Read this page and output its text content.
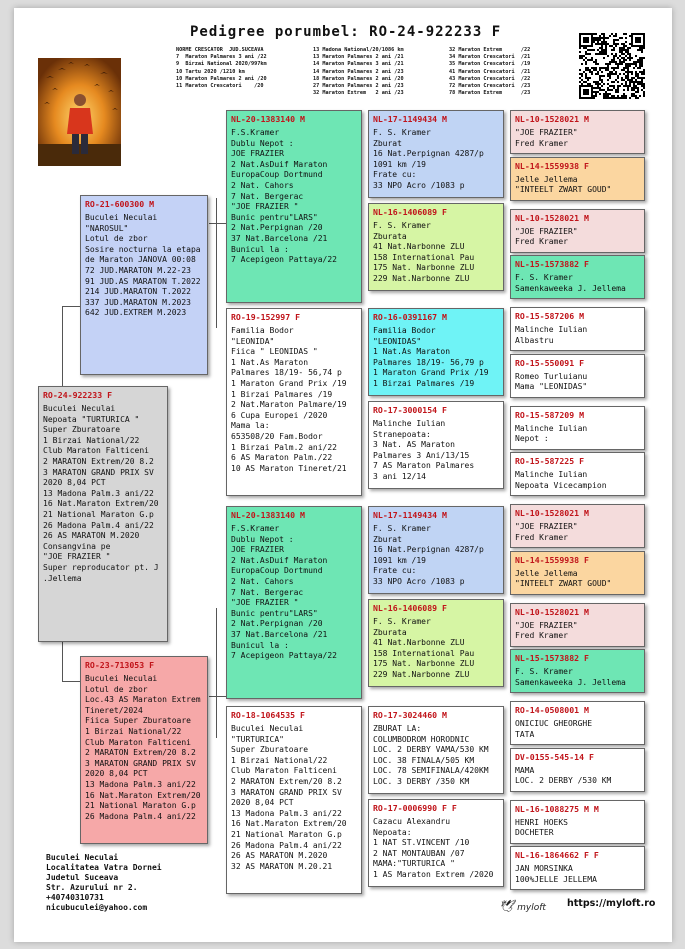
Pedigree porumbel: RO-24-922233 F
NORME CRESCATOR  JUD.SUCEAVA
7  Maraton Palmares 3 ani /22
9  Birzai National 2020/997km
10 Tartu 2020 /1210 km
10 Maraton Palmares 2 ani /20
11 Maraton Crescatori    /20
13 Madona National/20/1086 km
13 Maraton Palmares 2 ani /21
14 Maraton Palmares 3 ani /21
14 Maraton Palmares 2 ani /23
18 Maraton Palmares 2 ani /20
27 Maraton Palmares 2 ani /23
32 Maraton Extrem   2 ani /23
32 Maraton Extrem      /22
34 Maraton Crescatori  /21
35 Maraton Crescatori  /19
41 Maraton Crescatori  /21
43 Maraton Crescatori  /22
72 Maraton Crescatori  /23
78 Maraton Extrem      /23
RO-21-600300 M
Buculei Neculai
"NAROSUL"
Lotul de zbor
Sosire nocturna la etapa
de Maraton JANOVA 00:08
72 JUD.MARATON M.22-23
91 JUD.AS MARATON T.2022
214 JUD.MARATON T.2022
337 JUD.MARATON M.2023
642 JUD.EXTREM M.2023
RO-24-922233 F
Buculei Neculai
Nepoata "TURTURICA "
Super Zburatoare
1 Birzai National/22
Club Maraton Falticeni
2 MARATON Extrem/20 8.2
3 MARATON GRAND PRIX SV
2020 8,04 PCT
13 Madona Palm.3 ani/22
16 Nat.Maraton Extrem/20
21 National Maraton G.p
26 Madona Palm.4 ani/22
26 AS MARATON M.2020
Consangvina pe
"JOE FRAZIER "
Super reproducator pt. J
.Jellema
RO-23-713053 F
Buculei Neculai
Lotul de zbor
Loc.43 AS Maraton Extrem
Tineret/2024
Fiica Super Zburatoare
1 Birzai National/22
Club Maraton Falticeni
2 MARATON Extrem/20 8.2
3 MARATON GRAND PRIX SV
2020 8,04 PCT
13 Madona Palm.3 ani/22
16 Nat.Maraton Extrem/20
21 National Maraton G.p
26 Madona Palm.4 ani/22
NL-20-1383140 M
F.S.Kramer
Dublu Nepot :
JOE FRAZIER
2 Nat.AsDuif Maraton
EuropaCoup Dortmund
2 Nat. Cahors
7 Nat. Bergerac
"JOE FRAZIER "
Bunic pentru"LARS"
2 Nat.Perpignan /20
37 Nat.Barcelona /21
Bunicul la :
7 Acepigeon Pattaya/22
RO-19-152997 F
Familia Bodor
"LEONIDA"
Fiica " LEONIDAS "
1 Nat.As Maraton
Palmares 18/19- 56,74 p
1 Maraton Grand Prix /19
1 Birzai Palmares /19
2 Nat.Maraton Palmare/19
6 Cupa Europei /2020
Mama la:
653508/20 Fam.Bodor
1 Birzai Palm.2 ani/22
6 AS Maraton Palm./22
10 AS Maraton Tineret/21
NL-20-1383140 M
F.S.Kramer
Dublu Nepot :
JOE FRAZIER
2 Nat.AsDuif Maraton
EuropaCoup Dortmund
2 Nat. Cahors
7 Nat. Bergerac
"JOE FRAZIER "
Bunic pentru"LARS"
2 Nat.Perpignan /20
37 Nat.Barcelona /21
Bunicul la :
7 Acepigeon Pattaya/22
RO-18-1064535 F
Buculei Neculai
"TURTURICA"
Super Zburatoare
1 Birzai National/22
Club Maraton Falticeni
2 MARATON Extrem/20 8.2
3 MARATON GRAND PRIX SV
2020 8,04 PCT
13 Madona Palm.3 ani/22
16 Nat.Maraton Extrem/20
21 National Maraton G.p
26 Madona Palm.4 ani/22
26 AS MARATON M.2020
32 AS MARATON M.20.21
NL-17-1149434 M
F. S. Kramer
Zburat
16 Nat.Perpignan 4287/p
1091 km /19
Frate cu:
33 NPO Acro /1083 p
NL-16-1406089 F
F. S. Kramer
Zburata
41 Nat.Narbonne ZLU
158 International Pau
175 Nat. Narbonne ZLU
229 Nat.Narbonne ZLU
RO-16-0391167 M
Familia Bodor
"LEONIDAS"
1 Nat.As Maraton
Palmares 18/19- 56,79 p
1 Maraton Grand Prix /19
1 Birzai Palmares /19
RO-17-3000154 F
Malinche Iulian
Stranepoata:
3 Nat. AS Maraton
Palmares 3 Ani/13/15
7 AS Maraton Palmares
3 ani 12/14
NL-17-1149434 M
F. S. Kramer
Zburat
16 Nat.Perpignan 4287/p
1091 km /19
Frate cu:
33 NPO Acro /1083 p
NL-16-1406089 F
F. S. Kramer
Zburata
41 Nat.Narbonne ZLU
158 International Pau
175 Nat. Narbonne ZLU
229 Nat.Narbonne ZLU
RO-17-3024460 M
ZBURAT LA:
COLUMBODROM HORODNIC
LOC. 2 DERBY VAMA/530 KM
LOC. 38 FINALA/505 KM
LOC. 78 SEMIFINALA/420KM
LOC. 3 DERBY /350 KM
RO-17-0006990 F F
Cazacu Alexandru
Nepoata:
1 NAT ST.VINCENT /10
2 NAT MONTAUBAN /07
MAMA:"TURTURICA "
1 AS Maraton Extrem /2020
NL-10-1528021 M
"JOE FRAZIER"
Fred Kramer
NL-14-1559938 F
Jelle Jellema
"INTEELT ZWART GOUD"
NL-10-1528021 M
"JOE FRAZIER"
Fred Kramer
NL-15-1573882 F
F. S. Kramer
Samenkaweeka J. Jellema
RO-15-587206 M
Malinche Iulian
Albastru
RO-15-550091 F
Romeo Turluianu
Mama "LEONIDAS"
RO-15-587209 M
Malinche Iulian
Nepot :
RO-15-587225 F
Malinche Iulian
Nepoata Vicecampion
NL-10-1528021 M
"JOE FRAZIER"
Fred Kramer
NL-14-1559938 F
Jelle Jellema
"INTEELT ZWART GOUD"
NL-10-1528021 M
"JOE FRAZIER"
Fred Kramer
NL-15-1573882 F
F. S. Kramer
Samenkaweeka J. Jellema
RO-14-0508001 M
ONICIUC GHEORGHE
TATA
DV-0155-545-14 F
MAMA
LOC. 2 DERBY /530 KM
NL-16-1088275 M M
HENRI HOEKS
DOCHETER
NL-16-1864662 F F
JAN MORSINKA
100%JELLE JELLEMA
Buculei Neculai
Localitatea Vatra Dornei
Judetul Suceava
Str. Azurului nr 2.
+40740310731
nicubuculei@yahoo.com	🕊 myloft https://myloft.ro
